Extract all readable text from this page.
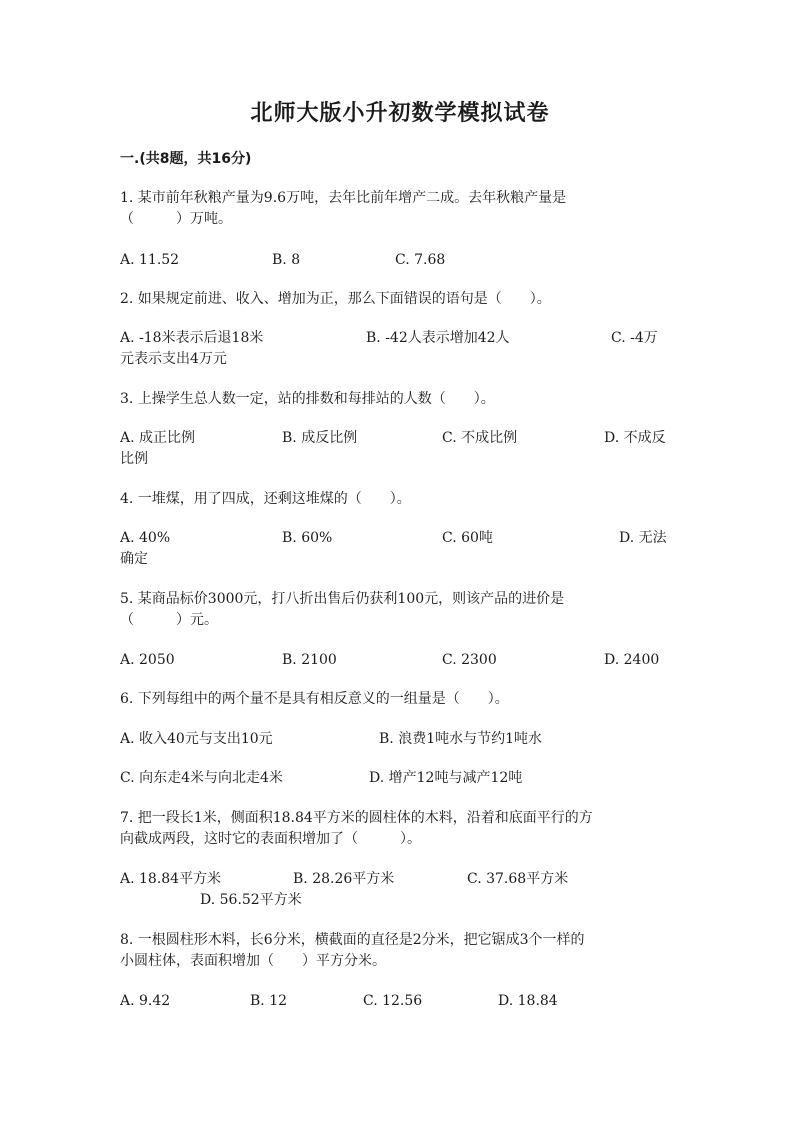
北师大版小升初数学模拟试卷
一.(共8题，共16分)
1. 某市前年秋粮产量为9.6万吨，去年比前年增产二成。去年秋粮产量是
（　　　）万吨。
A. 11.52	B. 8	C. 7.68
2. 如果规定前进、收入、增加为正，那么下面错误的语句是（　　）。
A. -18米表示后退18米	B. -42人表示增加42人	C. -4万
元表示支出4万元
3. 上操学生总人数一定，站的排数和每排站的人数（　　）。
A. 成正比例	B. 成反比例	C. 不成比例	D. 不成反
比例
4. 一堆煤，用了四成，还剩这堆煤的（　　）。
A. 40%	B. 60%	C. 60吨	D. 无法
确定
5. 某商品标价3000元，打八折出售后仍获利100元，则该产品的进价是
（　　　）元。
A. 2050	B. 2100	C. 2300	D. 2400
6. 下列每组中的两个量不是具有相反意义的一组量是（　　）。
A. 收入40元与支出10元	B. 浪费1吨水与节约1吨水
C. 向东走4米与向北走4米	D. 增产12吨与减产12吨
7. 把一段长1米，侧面积18.84平方米的圆柱体的木料，沿着和底面平行的方
向截成两段，这时它的表面积增加了（　　　）。
A. 18.84平方米	B. 28.26平方米	C. 37.68平方米
D. 56.52平方米
8. 一根圆柱形木料，长6分米，横截面的直径是2分米，把它锯成3个一样的
小圆柱体，表面积增加（　　）平方分米。
A. 9.42	B. 12	C. 12.56	D. 18.84
